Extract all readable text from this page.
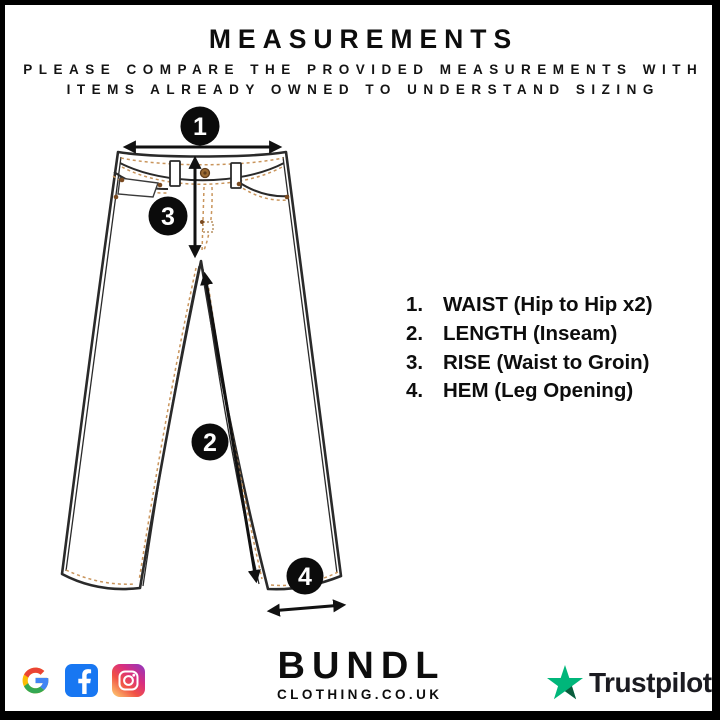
1
3
2
4
MEASUREMENTS
PLEASE COMPARE THE PROVIDED MEASUREMENTS WITH
ITEMS ALREADY OWNED TO UNDERSTAND SIZING
1. WAIST (Hip to Hip x2)
2. LENGTH (Inseam)
3. RISE (Waist to Groin)
4. HEM (Leg Opening)
BUNDL
CLOTHING.CO.UK	Trustpilot
